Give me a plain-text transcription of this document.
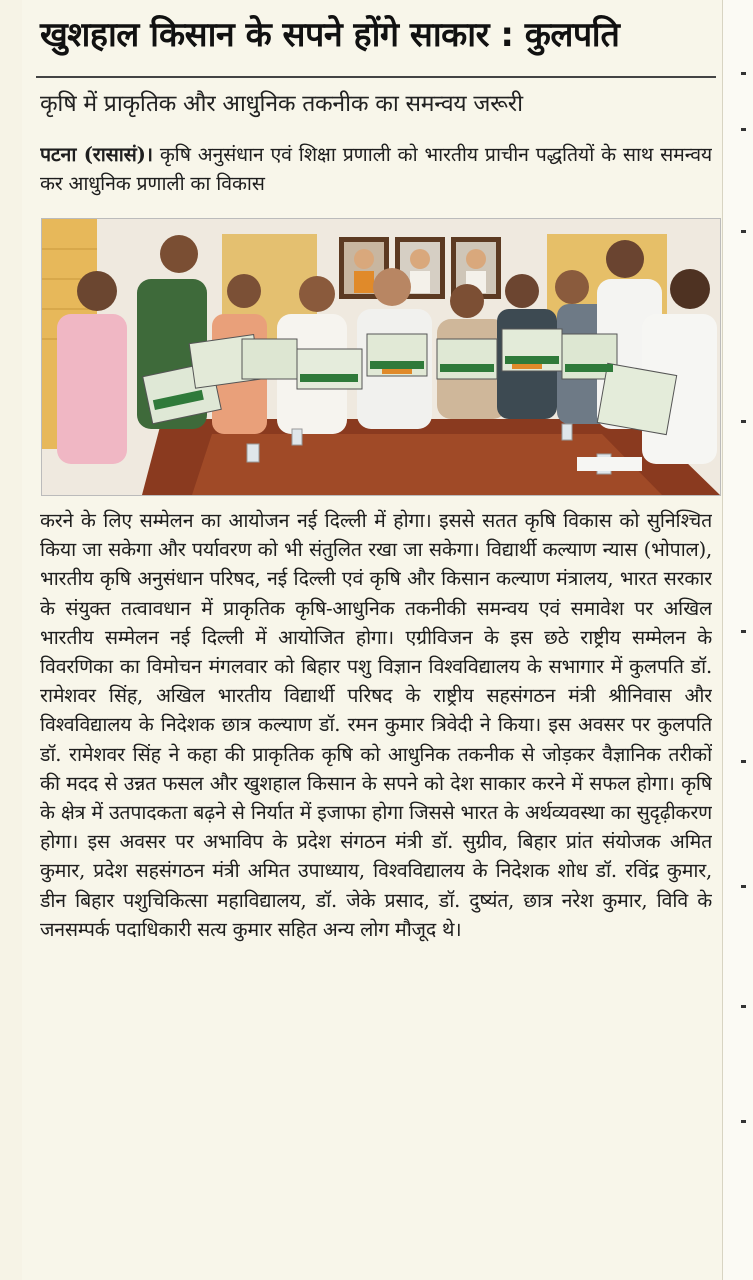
खुशहाल किसान के सपने होंगे साकार : कुलपति
कृषि में प्राकृतिक और आधुनिक तकनीक का समन्वय जरूरी

पटना (रासासं)। कृषि अनुसंधान एवं शिक्षा प्रणाली को भारतीय प्राचीन पद्धतियों के साथ समन्वय कर आधुनिक प्रणाली का विकास

करने के लिए सम्मेलन का आयोजन नई दिल्ली में होगा। इससे सतत कृषि विकास को सुनिश्चित किया जा सकेगा और पर्यावरण को भी संतुलित रखा जा सकेगा। विद्यार्थी कल्याण न्यास (भोपाल), भारतीय कृषि अनुसंधान परिषद, नई दिल्ली एवं कृषि और किसान कल्याण मंत्रालय, भारत सरकार के संयुक्त तत्वावधान में प्राकृतिक कृषि-आधुनिक तकनीकी समन्वय एवं समावेश पर अखिल भारतीय सम्मेलन नई दिल्ली में आयोजित होगा। एग्रीविजन के इस छठे राष्ट्रीय सम्मेलन के विवरणिका का विमोचन मंगलवार को बिहार पशु विज्ञान विश्वविद्यालय के सभागार में कुलपति डॉ. रामेशवर सिंह, अखिल भारतीय विद्यार्थी परिषद के राष्ट्रीय सहसंगठन मंत्री श्रीनिवास और विश्वविद्यालय के निदेशक छात्र कल्याण डॉ. रमन कुमार त्रिवेदी ने किया। इस अवसर पर कुलपति डॉ. रामेशवर सिंह ने कहा की प्राकृतिक कृषि को आधुनिक तकनीक से जोड़कर वैज्ञानिक तरीकों की मदद से उन्नत फसल और खुशहाल किसान के सपने को देश साकार करने में सफल होगा। कृषि के क्षेत्र में उतपादकता बढ़ने से निर्यात में इजाफा होगा जिससे भारत के अर्थव्यवस्था का सुदृढ़ीकरण होगा। इस अवसर पर अभाविप के प्रदेश संगठन मंत्री डॉ. सुग्रीव, बिहार प्रांत संयोजक अमित कुमार, प्रदेश सहसंगठन मंत्री अमित उपाध्याय, विश्वविद्यालय के निदेशक शोध डॉ. रविंद्र कुमार, डीन बिहार पशुचिकित्सा महाविद्यालय, डॉ. जेके प्रसाद, डॉ. दुष्यंत, छात्र नरेश कुमार, विवि के जनसम्पर्क पदाधिकारी सत्य कुमार सहित अन्य लोग मौजूद थे।
